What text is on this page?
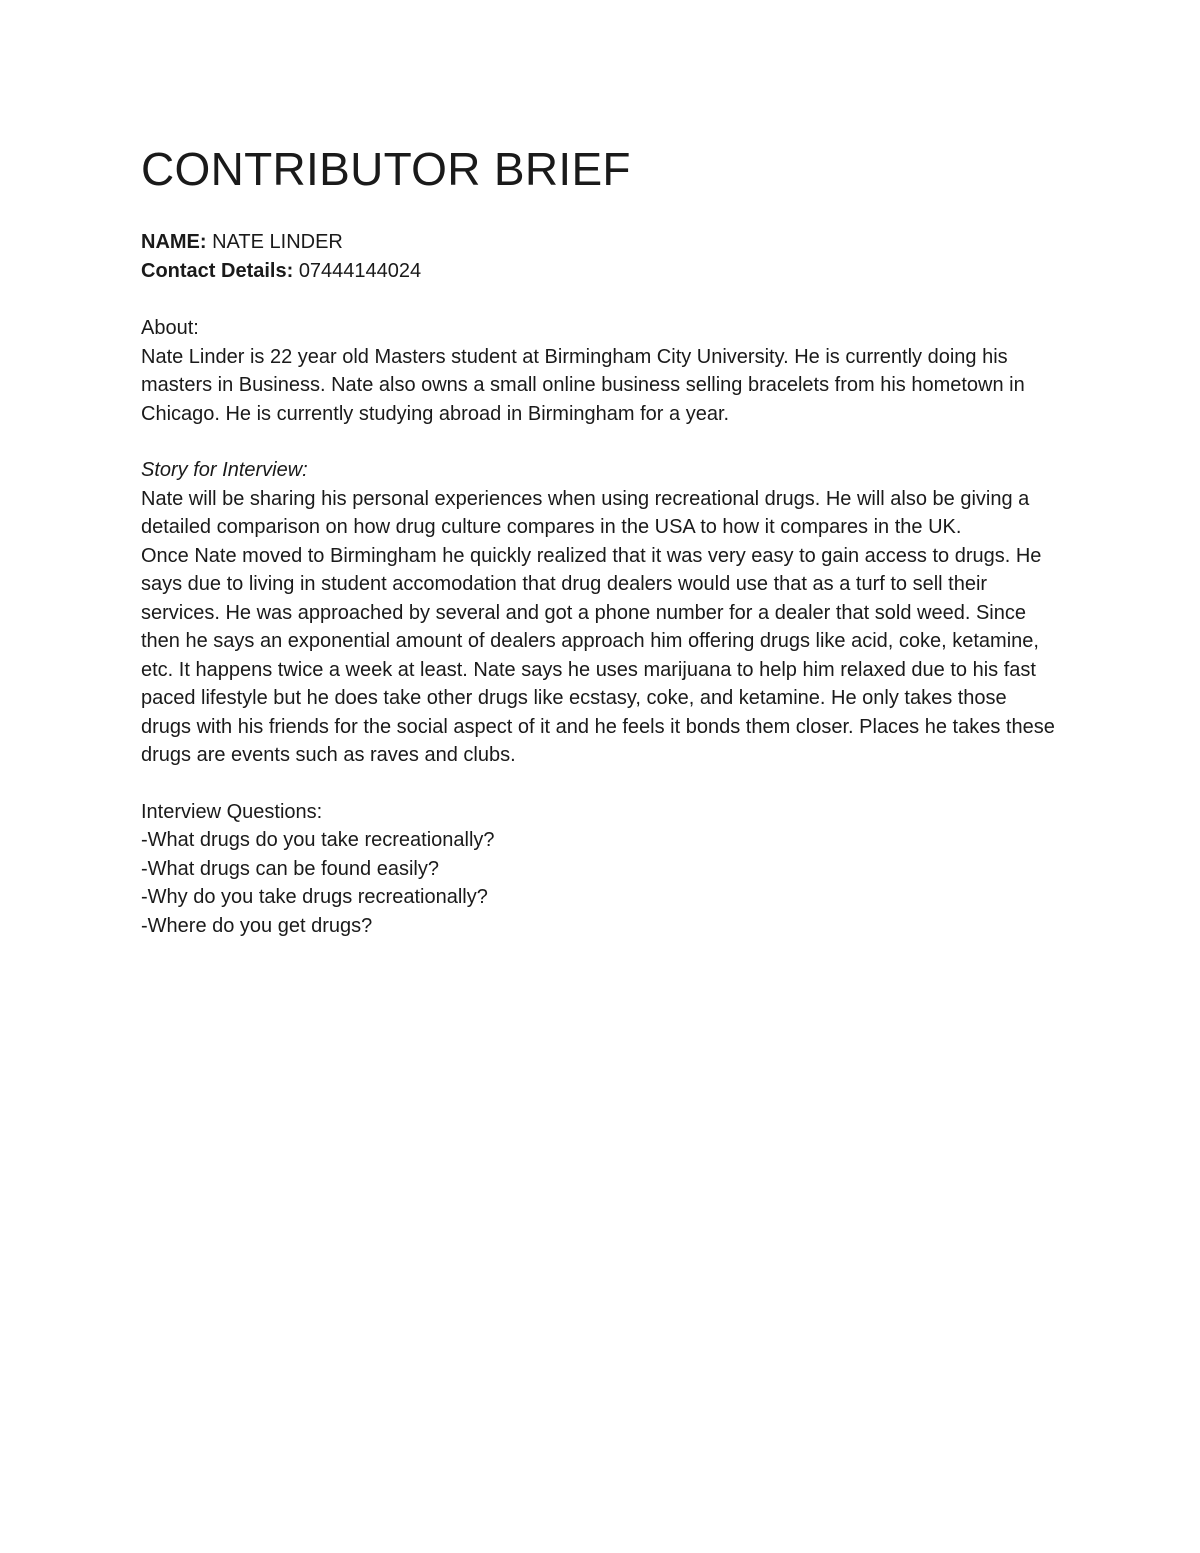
CONTRIBUTOR BRIEF
NAME: NATE LINDER
Contact Details: 07444144024

About:

Nate Linder is 22 year old Masters student at Birmingham City University. He is currently doing his masters in Business. Nate also owns a small online business selling bracelets from his hometown in Chicago. He is currently studying abroad in Birmingham for a year.

Story for Interview:

Nate will be sharing his personal experiences when using recreational drugs. He will also be giving a detailed comparison on how drug culture compares in the USA to how it compares in the UK.

Once Nate moved to Birmingham he quickly realized that it was very easy to gain access to drugs. He says due to living in student accomodation that drug dealers would use that as a turf to sell their services. He was approached by several and got a phone number for a dealer that sold weed. Since then he says an exponential amount of dealers approach him offering drugs like acid, coke, ketamine, etc. It happens twice a week at least. Nate says he uses marijuana to help him relaxed due to his fast paced lifestyle but he does take other drugs like ecstasy, coke, and ketamine. He only takes those drugs with his friends for the social aspect of it and he feels it bonds them closer. Places he takes these drugs are events such as raves and clubs.

Interview Questions:

-What drugs do you take recreationally?
-What drugs can be found easily?
-Why do you take drugs recreationally?
-Where do you get drugs?
